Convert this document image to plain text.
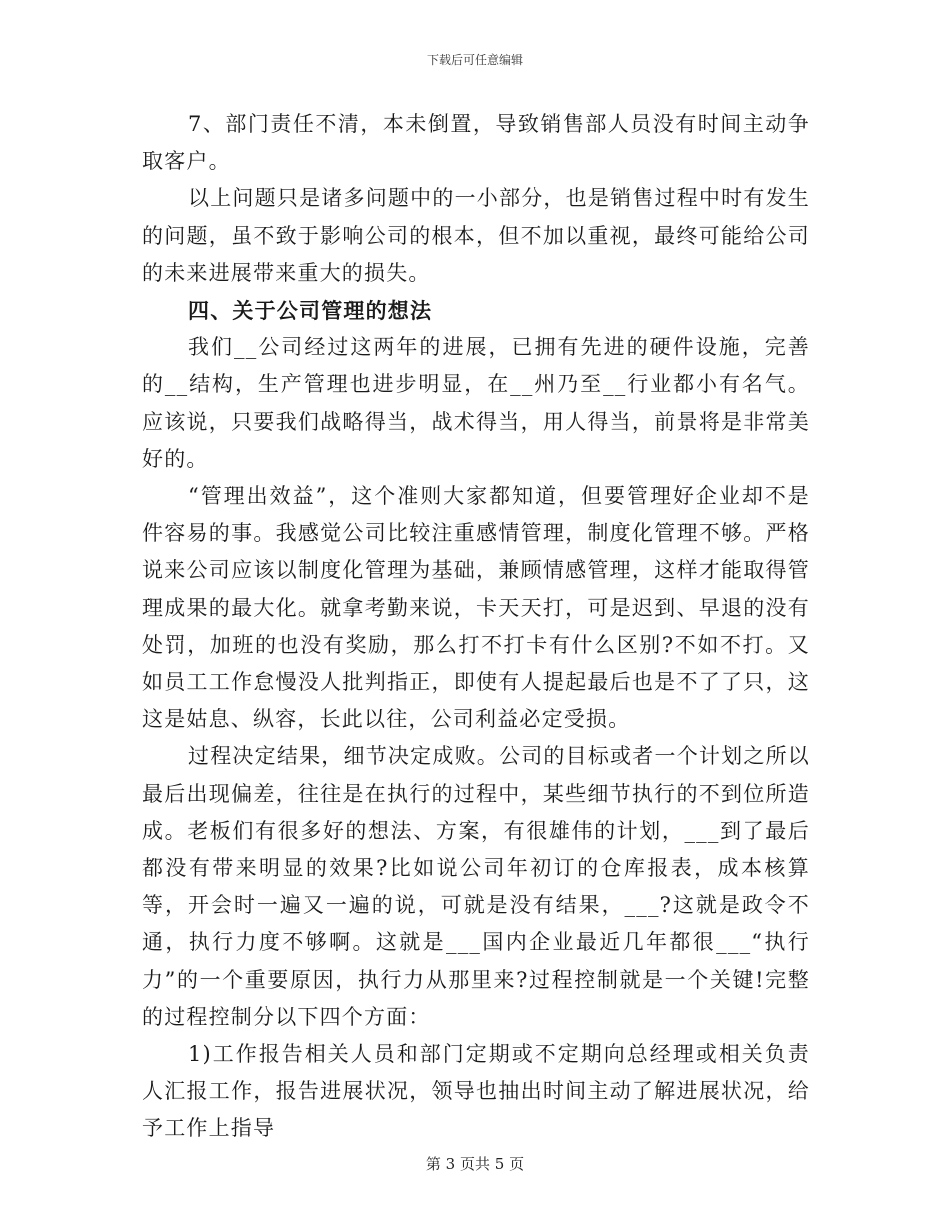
下载后可任意编辑

7、部门责任不清，本未倒置，导致销售部人员没有时间主动争取客户。

以上问题只是诸多问题中的一小部分，也是销售过程中时有发生的问题，虽不致于影响公司的根本，但不加以重视，最终可能给公司的未来进展带来重大的损失。

四、关于公司管理的想法

我们__公司经过这两年的进展，已拥有先进的硬件设施，完善的__结构，生产管理也进步明显，在__州乃至__行业都小有名气。应该说，只要我们战略得当，战术得当，用人得当，前景将是非常美好的。

“管理出效益”，这个准则大家都知道，但要管理好企业却不是件容易的事。我感觉公司比较注重感情管理，制度化管理不够。严格说来公司应该以制度化管理为基础，兼顾情感管理，这样才能取得管理成果的最大化。就拿考勤来说，卡天天打，可是迟到、早退的没有处罚，加班的也没有奖励，那么打不打卡有什么区别?不如不打。又如员工工作怠慢没人批判指正，即使有人提起最后也是不了了只，这这是姑息、纵容，长此以往，公司利益必定受损。

过程决定结果，细节决定成败。公司的目标或者一个计划之所以最后出现偏差，往往是在执行的过程中，某些细节执行的不到位所造成。老板们有很多好的想法、方案，有很雄伟的计划，___到了最后都没有带来明显的效果?比如说公司年初订的仓库报表，成本核算等，开会时一遍又一遍的说，可就是没有结果，___?这就是政令不通，执行力度不够啊。这就是___国内企业最近几年都很___“执行力”的一个重要原因，执行力从那里来?过程控制就是一个关键!完整的过程控制分以下四个方面：

1)工作报告相关人员和部门定期或不定期向总经理或相关负责人汇报工作，报告进展状况，领导也抽出时间主动了解进展状况，给予工作上指导

第 3 页共 5 页
